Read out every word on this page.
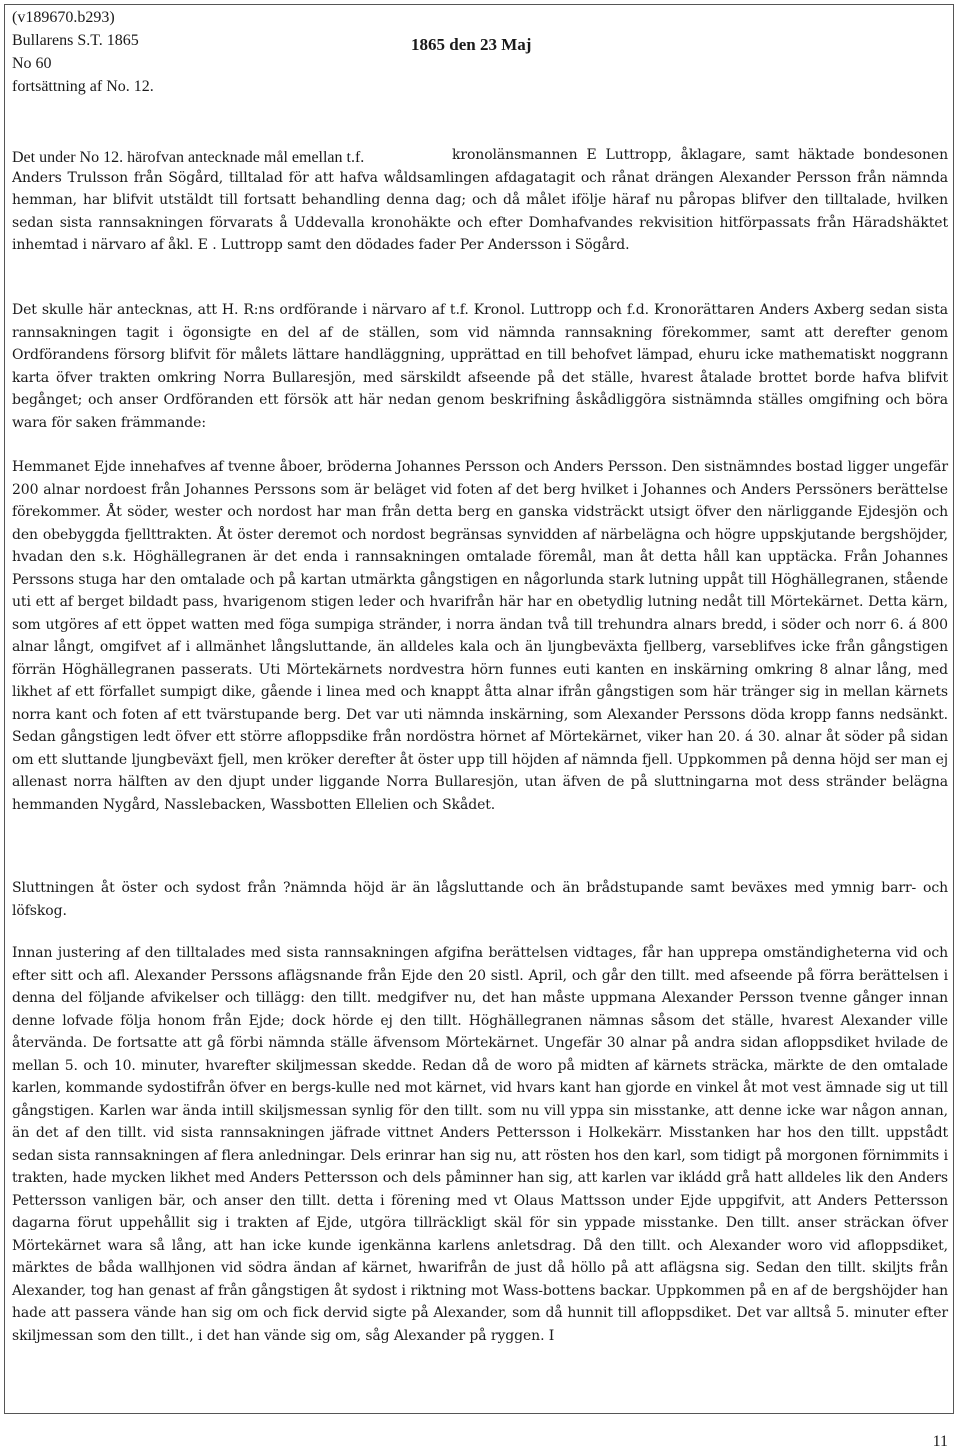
(v189670.b293)
Bullarens S.T. 1865
No 60
fortsättning af No. 12.
1865 den 23 Maj
Det under No 12. härofvan antecknade mål emellan t.f.	kronolänsmannen E Luttropp, åklagare, samt häktade bondesonen Anders Trulsson från Sögård, tilltalad för att hafva wåldsamlingen afdagatagit och rånat drängen Alexander Persson från nämnda hemman, har blifvit utstäldt till fortsatt behandling denna dag; och då målet iföljе häraf nu påropas blifver den tilltalade, hvilken sedan sista rannsakningen förvarats å Uddevalla kronohäkte och efter Domhafvandes rekvisition hitförpassats från Häradshäktet inhemtad i närvaro af åkl. E . Luttropp samt den dödades fader Per Andersson i Sögård.

Det skulle här antecknas, att H. R:ns ordförande i närvaro af t.f. Kronol. Luttropp och f.d. Kronorättaren Anders Axberg sedan sista rannsakningen tagit i ögonsigte en del af de ställen, som vid nämnda rannsakning förekommer, samt att derefter genom Ordförandens försorg blifvit för målets lättare handläggning, upprättad en till behofvet lämpad, ehuru icke mathematiskt noggrann karta öfver trakten omkring Norra Bullaresjön, med särskildt afseende på det ställe, hvarest åtalade brottet borde hafva blifvit begånget; och anser Ordföranden ett försök att här nedan genom beskrifning åskådliggöra sistnämnda ställes omgifning och böra wara för saken främmande:

Hemmanet Ejde innehafves af tvenne åboer, bröderna Johannes Persson och Anders Persson. Den sistnämndes bostad ligger ungefär 200 alnar nordoest från Johannes Perssons som är beläget vid foten af det berg hvilket i Johannes och Anders Perssöners berättelse förekommer. Åt söder, wester och nordost har man från detta berg en ganska vidsträckt utsigt öfver den närliggande Ejdesjön och den obebyggda fjellttrakten. Åt öster deremot och nordost begränsas synvidden af närbelägna och högre uppskjutande bergshöjder, hvadan den s.k. Höghällegranen är det enda i rannsakningen omtalade föremål, man åt detta håll kan upptäcka. Från Johannes Perssons stuga har den omtalade och på kartan utmärkta gångstigen en någorlunda stark lutning uppåt till Höghällegranen, stående uti ett af berget bildadt pass, hvarigenom stigen leder och hvarifrån här har en obetydlig lutning nedåt till Mörtekärnet. Detta kärn, som utgöres af ett öppet watten med föga sumpiga stränder, i norra ändan två till trehundra alnars bredd, i söder och norr 6. á 800 alnar långt, omgifvet af i allmänhet långsluttande, än alldeles kala och än ljungbeväxta fjellberg, varseblifves icke från gångstigen förrän Höghällegranen passerats. Uti Mörtekärnets nordvestra hörn funnes euti kanten en inskärning omkring 8 alnar lång, med likhet af ett förfallet sumpigt dike, gående i linea med och knappt åtta alnar ifrån gångstigen som här tränger sig in mellan kärnets norra kant och foten af ett tvärstupande berg. Det var uti nämnda inskärning, som Alexander Perssons döda kropp fanns nedsänkt. Sedan gångstigen ledt öfver ett större afloppsdike från nordöstra hörnet af Mörtekärnet, viker han 20. á 30. alnar åt söder på sidan om ett sluttande ljungbeväxt fjell, men kröker derefter åt öster upp till höjden af nämnda fjell. Uppkommen på denna höjd ser man ej allenast norra hälften av den djupt under liggande Norra Bullaresjön, utan äfven de på sluttningarna mot dess stränder belägna hemmanden Nygård, Nasslebacken, Wassbotten Ellelien och Skådet.

Sluttningen åt öster och sydost från ?nämnda höjd är än lågsluttande och än brådstupande samt beväxes med ymnig barr- och löfskog.

Innan justering af den tilltalades med sista rannsakningen afgifna berättelsen vidtages, får han upprepa omständigheterna vid och efter sitt och afl. Alexander Perssons aflägsnande från Ejde den 20 sistl. April, och går den tillt. med afseende på förra berättelsen i denna del följande afvikelser och tillägg: den tillt. medgifver nu, det han måste uppmana Alexander Persson tvenne gånger innan denne lofvade följa honom från Ejde; dock hörde ej den tillt. Höghällegranen nämnas såsom det ställe, hvarest Alexander ville återvända. De fortsatte att gå förbi nämnda ställe äfvensom Mörtekärnet. Ungefär 30 alnar på andra sidan afloppsdiket hvilade de mellan 5. och 10. minuter, hvarefter skiljmessan skedde. Redan då de woro på midten af kärnets sträcka, märkte de den omtalade karlen, kommande sydostifrån öfver en bergs-kulle ned mot kärnet, vid hvars kant han gjorde en vinkel åt mot vest ämnade sig ut till gångstigen. Karlen war ända intill skiljsmessan synlig för den tillt. som nu vill yppa sin misstanke, att denne icke war någon annan, än det af den tillt. vid sista rannsakningen jäfrade vittnet Anders Pettersson i Holkekärr. Misstanken har hos den tillt. uppstådt sedan sista rannsakningen af flera anledningar. Dels erinrar han sig nu, att rösten hos den karl, som tidigt på morgonen förnimmits i trakten, hade mycken likhet med Anders Pettersson och dels påminner han sig, att karlen var ikládd grå hatt alldeles lik den Anders Pettersson vanligen bär, och anser den tillt. detta i förening med vt Olaus Mattsson under Ejde uppgifvit, att Anders Pettersson dagarna förut uppehållit sig i trakten af Ejde, utgöra tillräckligt skäl för sin yppade misstanke. Den tillt. anser sträckan öfver Mörtekärnet wara så lång, att han icke kunde igenkänna karlens anletsdrag. Då den tillt. och Alexander woro vid afloppsdiket, märktes de båda wallhjonen vid södra ändan af kärnet, hwarifrån de just då höllo på att aflägsna sig. Sedan den tillt. skiljts från Alexander, tog han genast af från gångstigen åt sydost i riktning mot Wass-bottens backar. Uppkommen på en af de bergshöjder han hade att passera vände han sig om och fick dervid sigte på Alexander, som då hunnit till afloppsdiket. Det var alltså 5. minuter efter skiljmessan som den tillt., i det han vände sig om, såg Alexander på ryggen. I

11
